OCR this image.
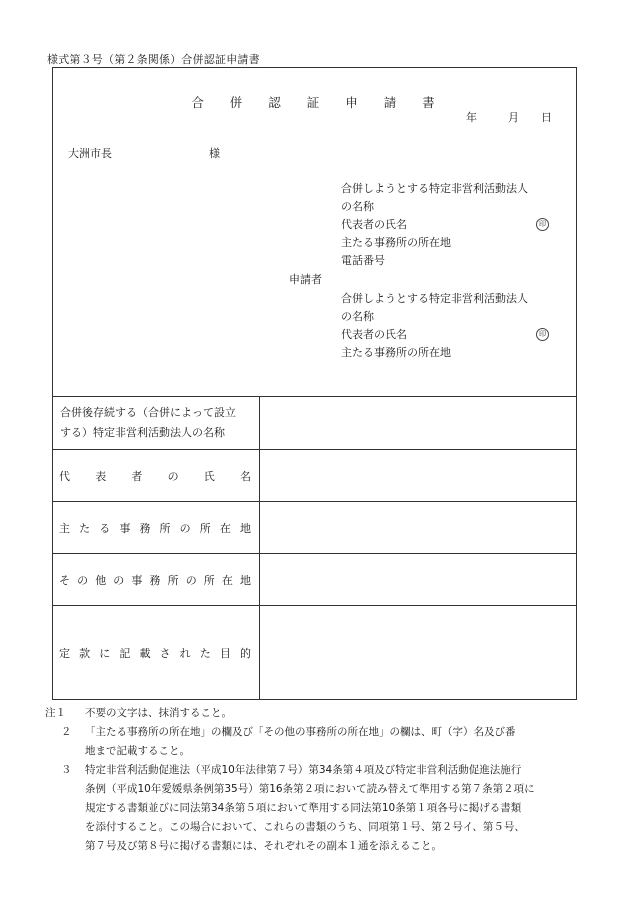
様式第３号（第２条関係）合併認証申請書
合 併 認 証 申 請 書
年	月 日
大洲市長	様
申請者
合併しようとする特定非営利活動法人
の名称
代表者の氏名	印
主たる事務所の所在地
電話番号
合併しようとする特定非営利活動法人
の名称
代表者の氏名	印
主たる事務所の所在地
合併後存続する（合併によって設立
する）特定非営利活動法人の名称
代表者の氏名
主たる事務所の所在地
その他の事務所の所在地
定款に記載された目的
注１ 不要の文字は、抹消すること。
２ 「主たる事務所の所在地」の欄及び「その他の事務所の所在地」の欄は、町（字）名及び番
地まで記載すること。
３ 特定非営利活動促進法（平成10年法律第７号）第34条第４項及び特定非営利活動促進法施行
条例（平成10年愛媛県条例第35号）第16条第２項において読み替えて準用する第７条第２項に
規定する書類並びに同法第34条第５項において準用する同法第10条第１項各号に掲げる書類
を添付すること。この場合において、これらの書類のうち、同項第１号、第２号イ、第５号、
第７号及び第８号に掲げる書類には、それぞれその副本１通を添えること。
